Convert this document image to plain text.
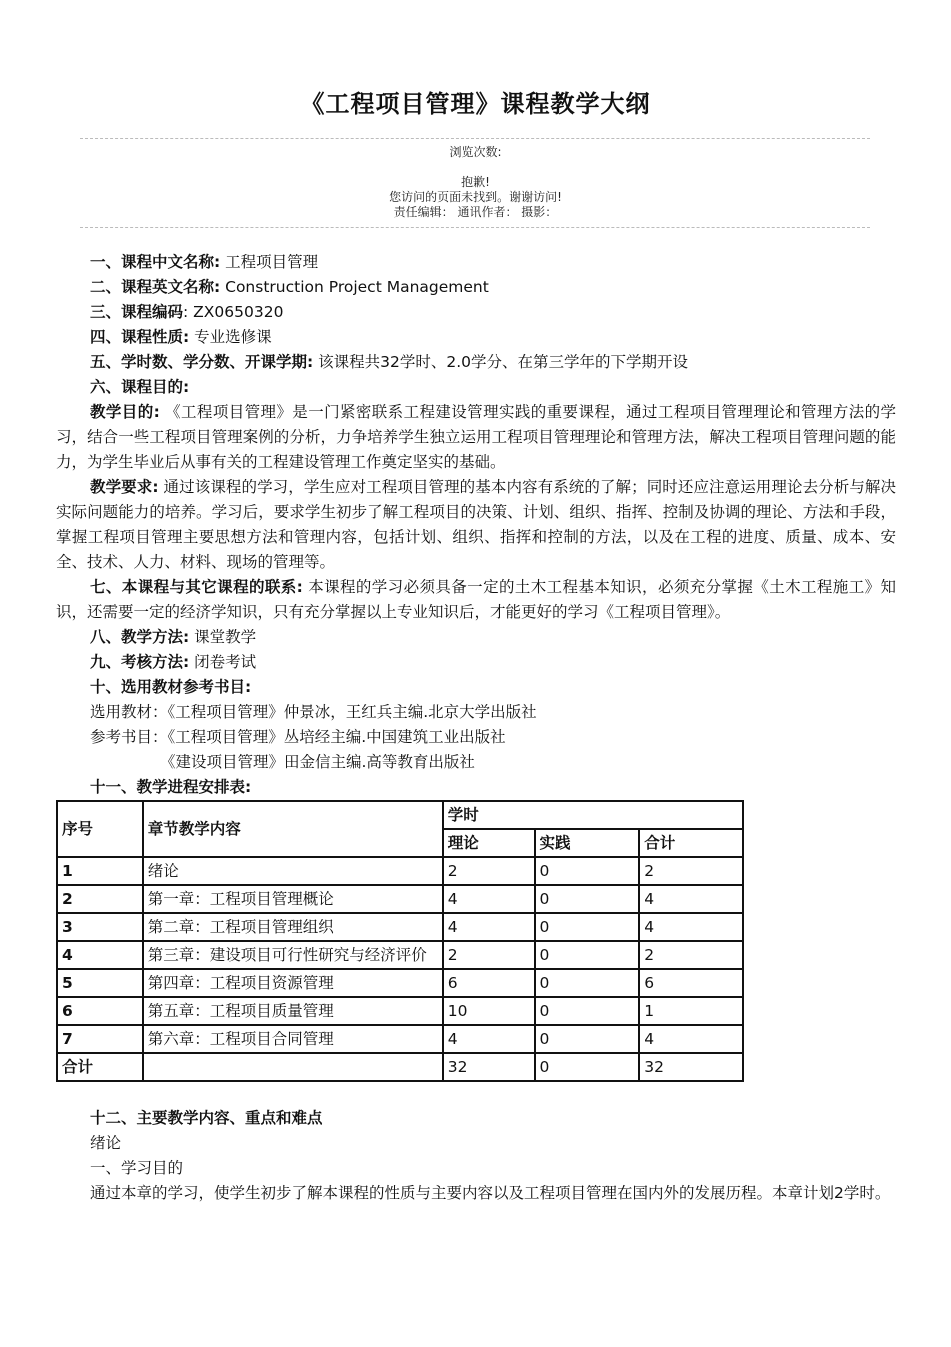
《工程项目管理》课程教学大纲
浏览次数:
抱歉!
您访问的页面未找到。谢谢访问!
责任编辑： 通讯作者： 摄影：

一、课程中文名称: 工程项目管理

二、课程英文名称: Construction Project Management

三、课程编码: ZX0650320

四、课程性质: 专业选修课

五、学时数、学分数、开课学期: 该课程共32学时、2.0学分、在第三学年的下学期开设

六、课程目的:

教学目的: 《工程项目管理》是一门紧密联系工程建设管理实践的重要课程，通过工程项目管理理论和管理方法的学习，结合一些工程项目管理案例的分析，力争培养学生独立运用工程项目管理理论和管理方法，解决工程项目管理问题的能力，为学生毕业后从事有关的工程建设管理工作奠定坚实的基础。

教学要求: 通过该课程的学习，学生应对工程项目管理的基本内容有系统的了解；同时还应注意运用理论去分析与解决实际问题能力的培养。学习后，要求学生初步了解工程项目的决策、计划、组织、指挥、控制及协调的理论、方法和手段，掌握工程项目管理主要思想方法和管理内容，包括计划、组织、指挥和控制的方法，以及在工程的进度、质量、成本、安全、技术、人力、材料、现场的管理等。

七、本课程与其它课程的联系: 本课程的学习必须具备一定的土木工程基本知识，必须充分掌握《土木工程施工》知识，还需要一定的经济学知识，只有充分掌握以上专业知识后，才能更好的学习《工程项目管理》。

八、教学方法: 课堂教学

九、考核方法: 闭卷考试

十、选用教材参考书目:

选用教材：《工程项目管理》仲景冰，王红兵主编.北京大学出版社

参考书目：《工程项目管理》丛培经主编.中国建筑工业出版社

《建设项目管理》田金信主编.高等教育出版社

十一、教学进程安排表:

序号	章节教学内容	学时		
		理论	实践	合计
1	绪论	2	0	2
2	第一章：工程项目管理概论	4	0	4
3	第二章：工程项目管理组织	4	0	4
4	第三章：建设项目可行性研究与经济评价	2	0	2
5	第四章：工程项目资源管理	6	0	6
6	第五章：工程项目质量管理	10	0	1
7	第六章：工程项目合同管理	4	0	4
合计		32	0	32

十二、主要教学内容、重点和难点

绪论

一、学习目的

通过本章的学习，使学生初步了解本课程的性质与主要内容以及工程项目管理在国内外的发展历程。本章计划2学时。
